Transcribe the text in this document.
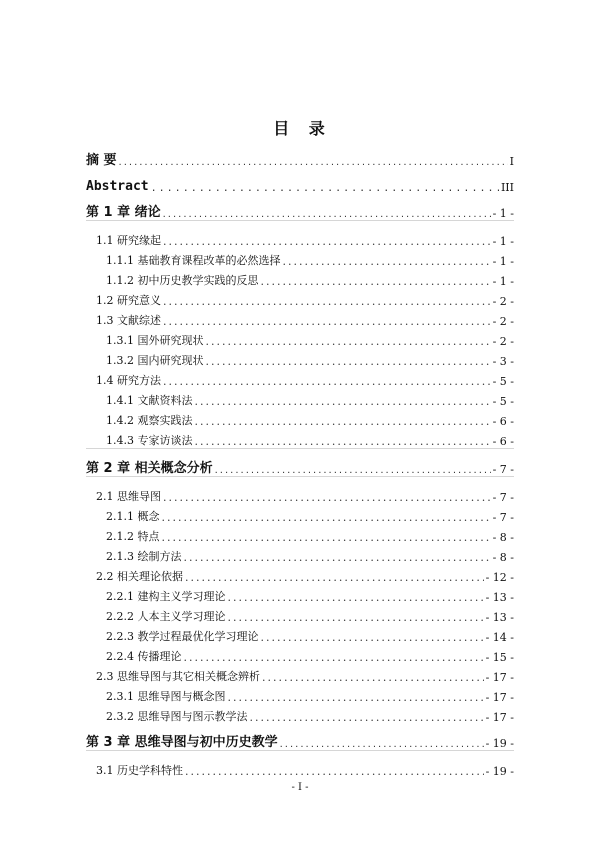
目 录
摘 要 .....	I
Abstract .....	III
第 1 章 绪论 .....	- 1 -
1.1 研究缘起 .....	- 1 -
1.1.1 基础教育课程改革的必然选择 .....	- 1 -
1.1.2 初中历史教学实践的反思 .....	- 1 -
1.2 研究意义 .....	- 2 -
1.3 文献综述 .....	- 2 -
1.3.1 国外研究现状 .....	- 2 -
1.3.2 国内研究现状 .....	- 3 -
1.4 研究方法 .....	- 5 -
1.4.1 文献资料法 .....	- 5 -
1.4.2 观察实践法 .....	- 6 -
1.4.3 专家访谈法 .....	- 6 -
第 2 章 相关概念分析 .....	- 7 -
2.1 思维导图 .....	- 7 -
2.1.1 概念 .....	- 7 -
2.1.2 特点 .....	- 8 -
2.1.3 绘制方法 .....	- 8 -
2.2 相关理论依据 .....	- 12 -
2.2.1 建构主义学习理论 .....	- 13 -
2.2.2 人本主义学习理论 .....	- 13 -
2.2.3 教学过程最优化学习理论 .....	- 14 -
2.2.4 传播理论 .....	- 15 -
2.3 思维导图与其它相关概念辨析 .....	- 17 -
2.3.1 思维导图与概念图 .....	- 17 -
2.3.2 思维导图与图示教学法 .....	- 17 -
第 3 章 思维导图与初中历史教学 .....	- 19 -
3.1 历史学科特性 .....	- 19 -
- I -
